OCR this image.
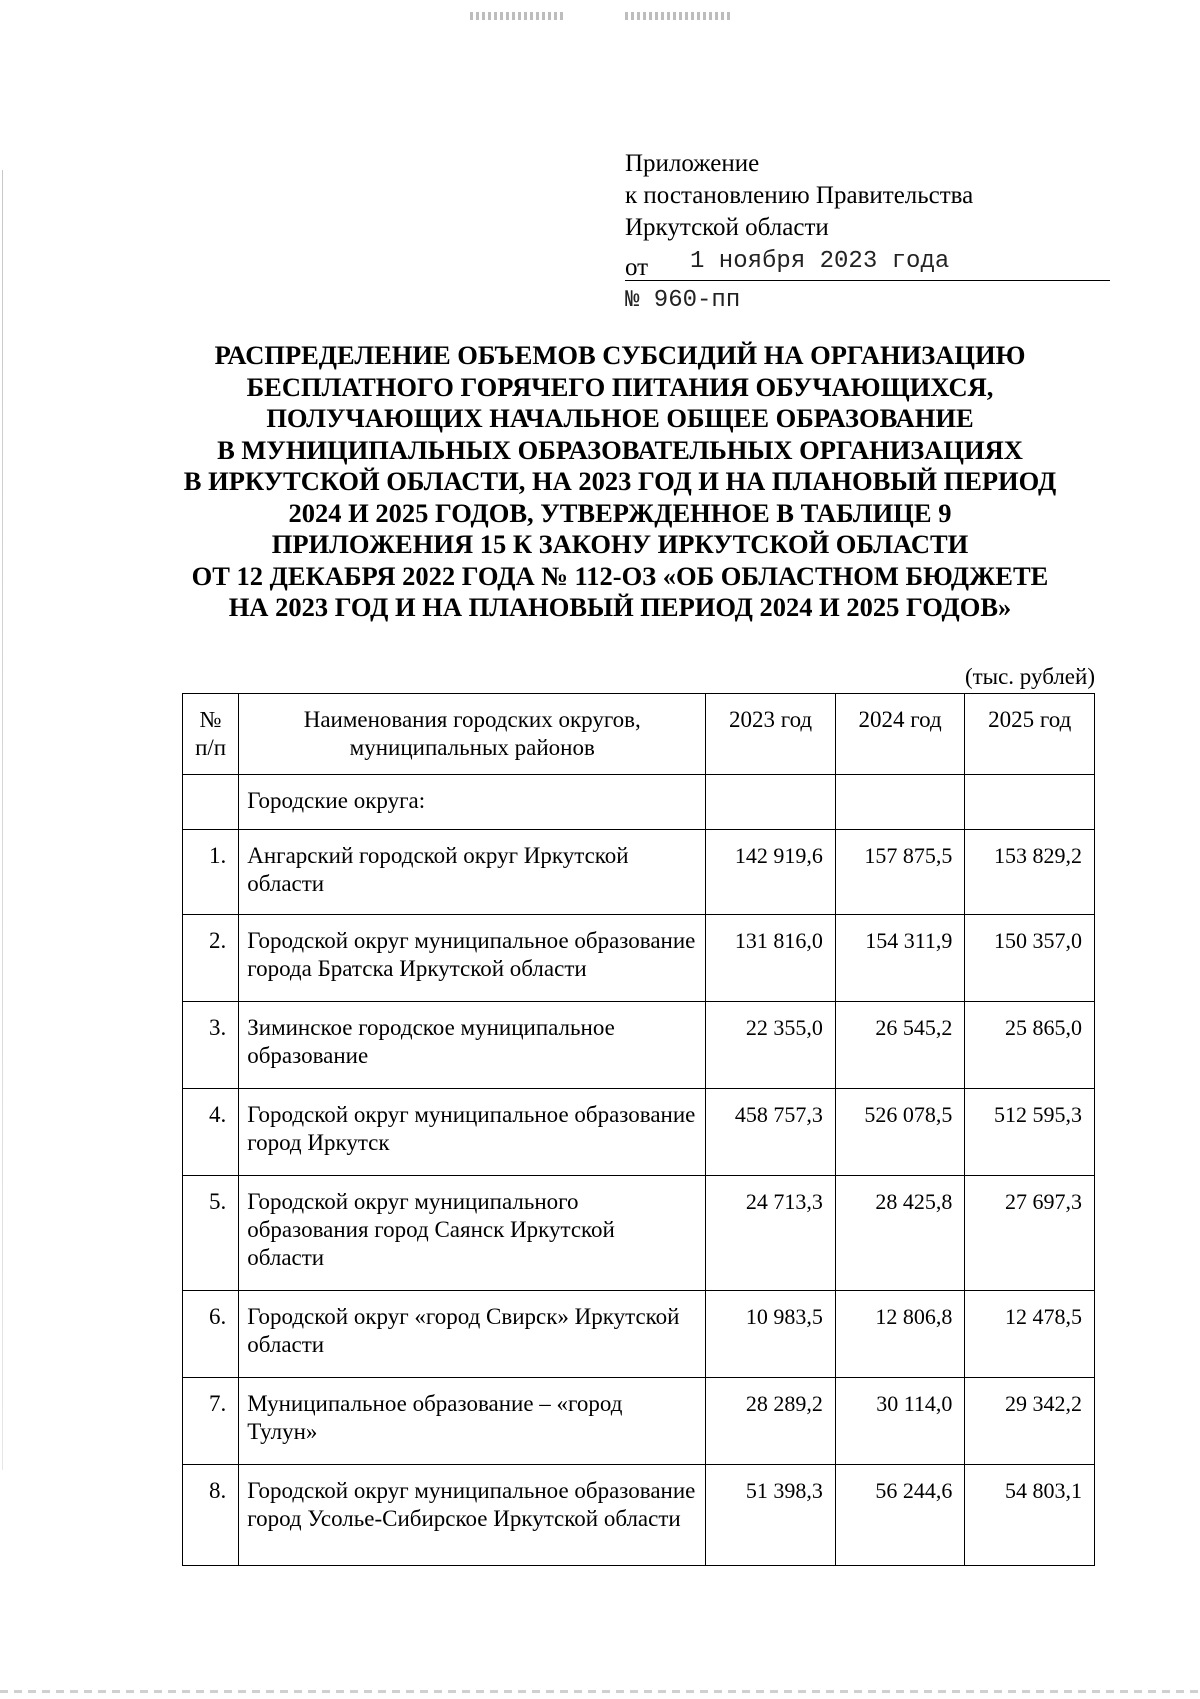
Приложение
к постановлению Правительства
Иркутской области
от 1 ноября 2023 года
№ 960-пп
РАСПРЕДЕЛЕНИЕ ОБЪЕМОВ СУБСИДИЙ НА ОРГАНИЗАЦИЮ
БЕСПЛАТНОГО ГОРЯЧЕГО ПИТАНИЯ ОБУЧАЮЩИХСЯ,
ПОЛУЧАЮЩИХ НАЧАЛЬНОЕ ОБЩЕЕ ОБРАЗОВАНИЕ
В МУНИЦИПАЛЬНЫХ ОБРАЗОВАТЕЛЬНЫХ ОРГАНИЗАЦИЯХ
В ИРКУТСКОЙ ОБЛАСТИ, НА 2023 ГОД И НА ПЛАНОВЫЙ ПЕРИОД
2024 И 2025 ГОДОВ, УТВЕРЖДЕННОЕ В ТАБЛИЦЕ 9
ПРИЛОЖЕНИЯ 15 К ЗАКОНУ ИРКУТСКОЙ ОБЛАСТИ
ОТ 12 ДЕКАБРЯ 2022 ГОДА № 112-ОЗ «ОБ ОБЛАСТНОМ БЮДЖЕТЕ
НА 2023 ГОД И НА ПЛАНОВЫЙ ПЕРИОД 2024 И 2025 ГОДОВ»
(тыс. рублей)
№ п/п	Наименования городских округов, муниципальных районов	2023 год	2024 год	2025 год
	Городские округа:			
1.	Ангарский городской округ Иркутской области	142 919,6	157 875,5	153 829,2
2.	Городской округ муниципальное образование города Братска Иркутской области	131 816,0	154 311,9	150 357,0
3.	Зиминское городское муниципальное образование	22 355,0	26 545,2	25 865,0
4.	Городской округ муниципальное образование город Иркутск	458 757,3	526 078,5	512 595,3
5.	Городской округ муниципального образования город Саянск Иркутской области	24 713,3	28 425,8	27 697,3
6.	Городской округ «город Свирск» Иркутской области	10 983,5	12 806,8	12 478,5
7.	Муниципальное образование – «город Тулун»	28 289,2	30 114,0	29 342,2
8.	Городской округ муниципальное образование город Усолье-Сибирское Иркутской области	51 398,3	56 244,6	54 803,1
